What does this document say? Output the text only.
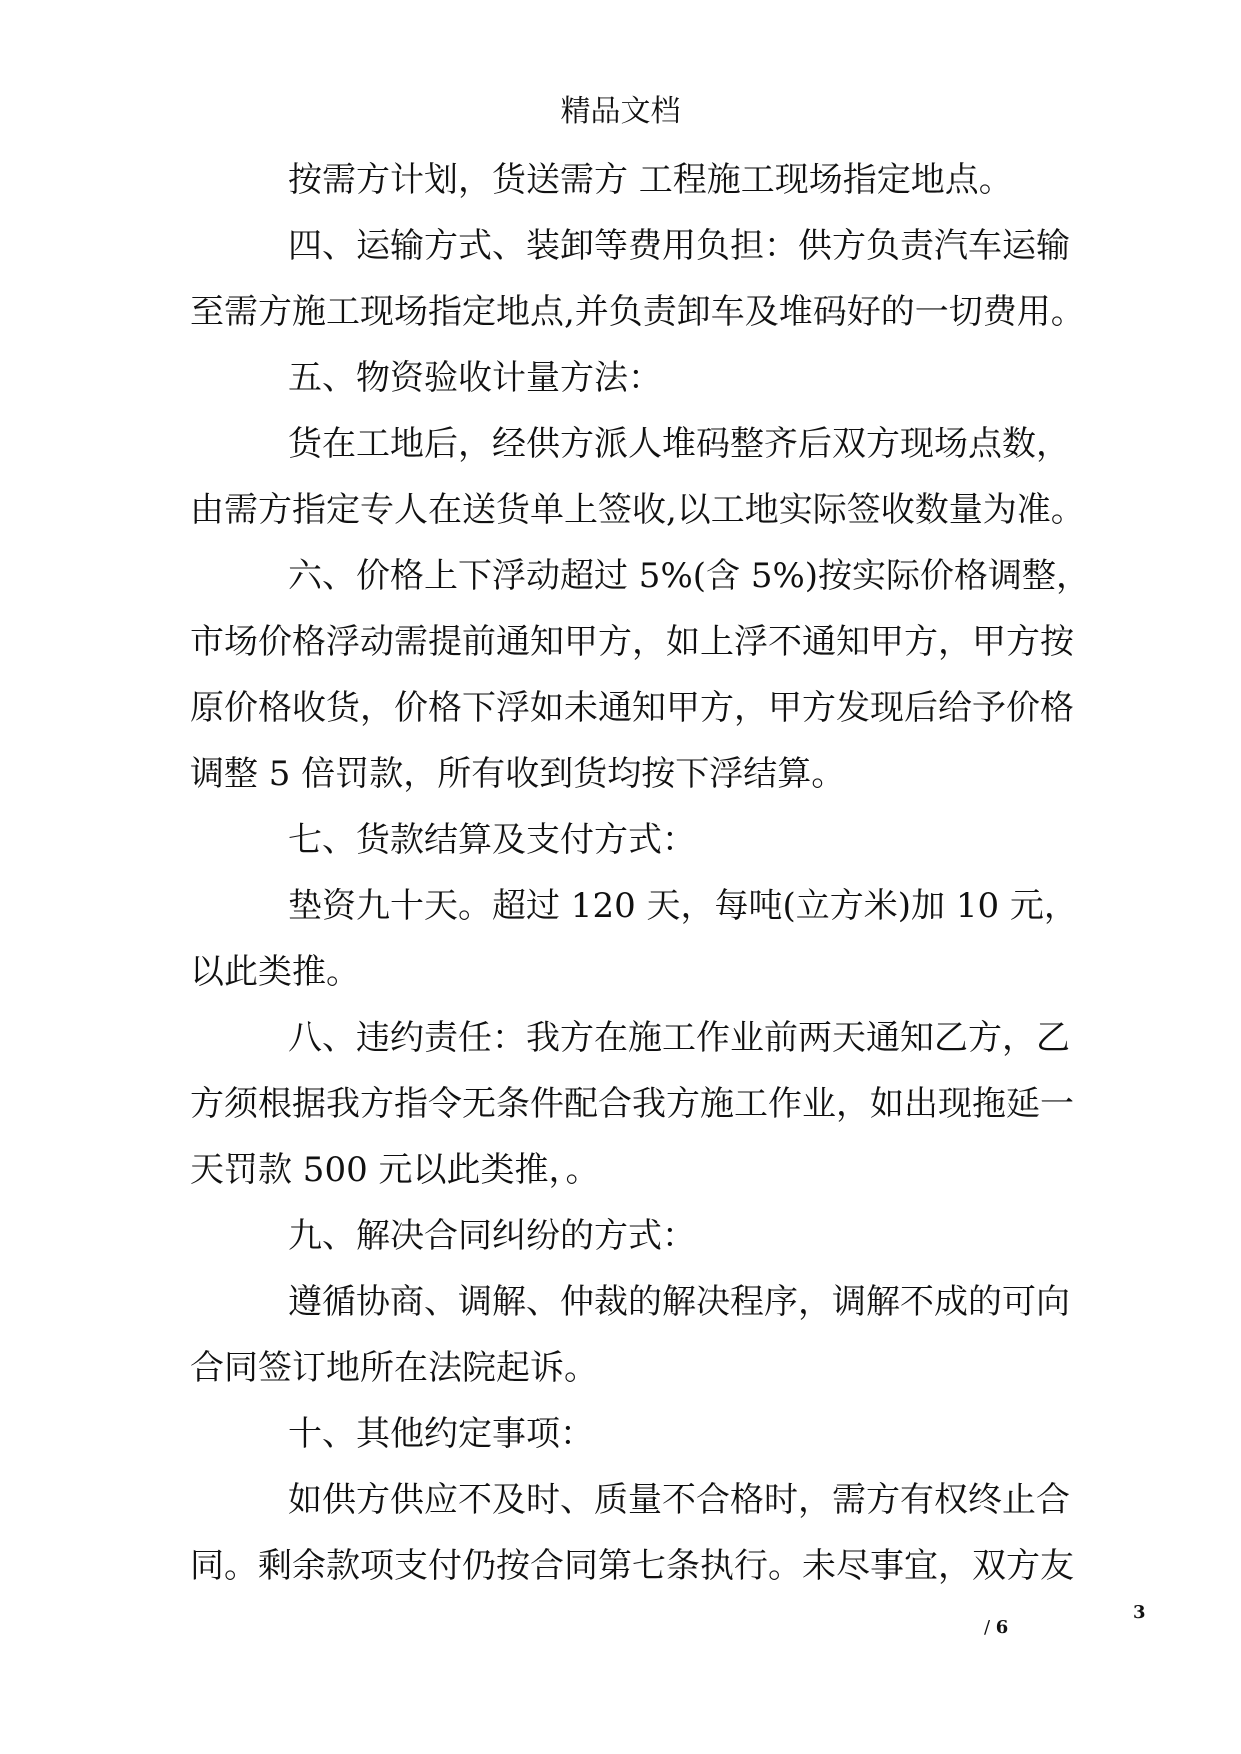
精品文档
按需方计划，货送需方 工程施工现场指定地点。
四、运输方式、装卸等费用负担：供方负责汽车运输
至需方施工现场指定地点,并负责卸车及堆码好的一切费用。
五、物资验收计量方法：
货在工地后，经供方派人堆码整齐后双方现场点数，
由需方指定专人在送货单上签收,以工地实际签收数量为准。
六、价格上下浮动超过 5%(含 5%)按实际价格调整，
市场价格浮动需提前通知甲方，如上浮不通知甲方，甲方按
原价格收货，价格下浮如未通知甲方，甲方发现后给予价格
调整 5 倍罚款，所有收到货均按下浮结算。
七、货款结算及支付方式：
垫资九十天。超过 120 天，每吨(立方米)加 10 元，
以此类推。
八、违约责任：我方在施工作业前两天通知乙方，乙
方须根据我方指令无条件配合我方施工作业，如出现拖延一
天罚款 500 元以此类推，。
九、解决合同纠纷的方式：
遵循协商、调解、仲裁的解决程序，调解不成的可向
合同签订地所在法院起诉。
十、其他约定事项：
如供方供应不及时、质量不合格时，需方有权终止合
同。剩余款项支付仍按合同第七条执行。未尽事宜，双方友
3
/ 6
